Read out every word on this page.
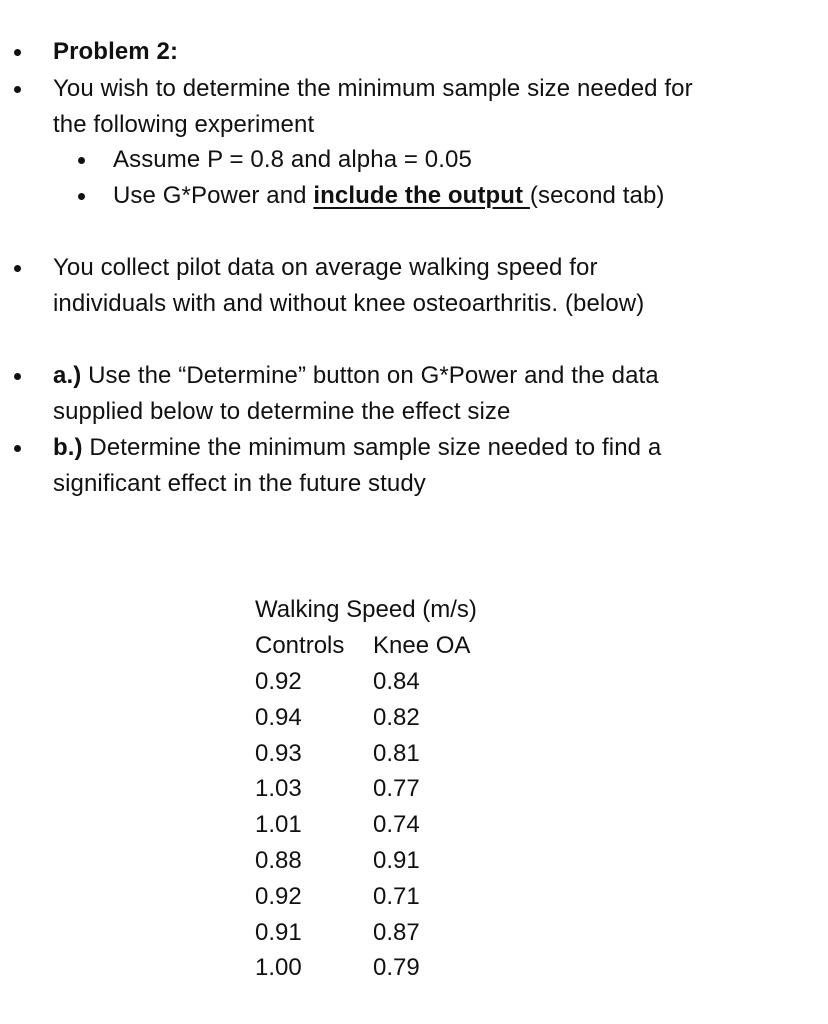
Problem 2:
You wish to determine the minimum sample size needed for
the following experiment
Assume P = 0.8 and alpha = 0.05
Use G*Power and include the output (second tab)
You collect pilot data on average walking speed for
individuals with and without knee osteoarthritis. (below)
a.) Use the “Determine” button on G*Power and the data
supplied below to determine the effect size
b.) Determine the minimum sample size needed to find a
significant effect in the future study
Walking Speed (m/s)
Controls Knee OA
0.92	0.84
0.94	0.82
0.93	0.81
1.03	0.77
1.01	0.74
0.88	0.91
0.92	0.71
0.91	0.87
1.00	0.79
